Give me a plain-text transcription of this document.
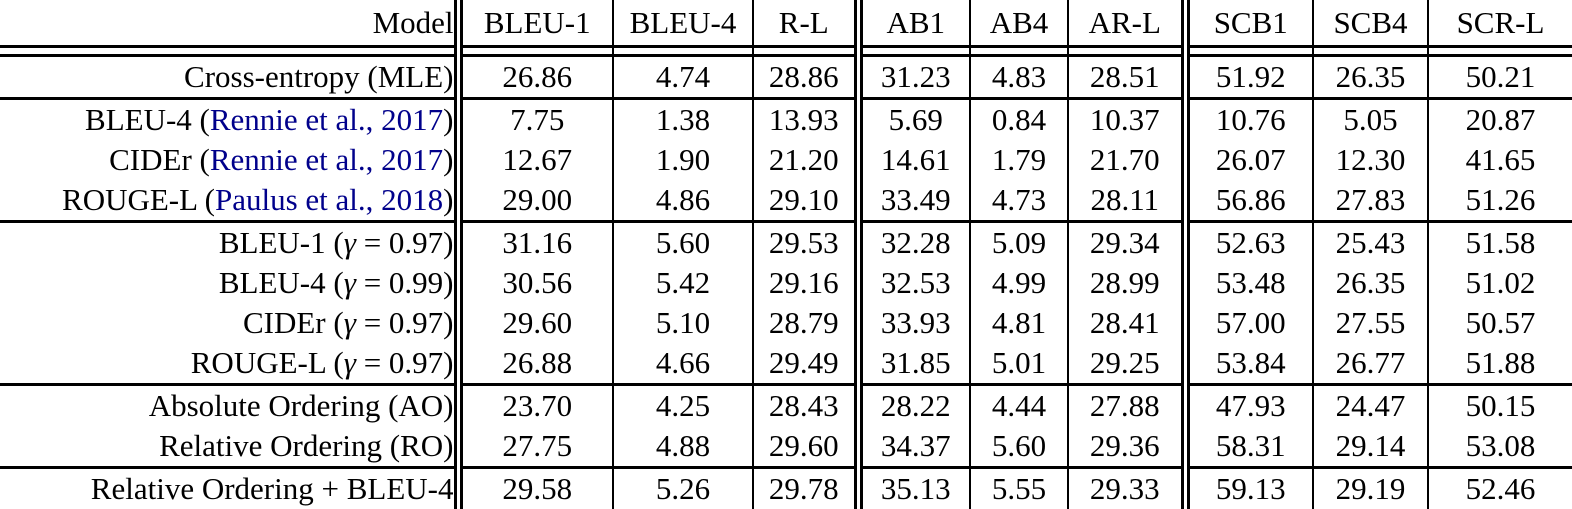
Model	BLEU-1	BLEU-4	R-L	AB1	AB4	AR-L	SCB1	SCB4	SCR-L

Cross-entropy (MLE)	26.86	4.74	28.86	31.23	4.83	28.51	51.92	26.35	50.21
BLEU-4 (Rennie et al., 2017)	7.75	1.38	13.93	5.69	0.84	10.37	10.76	5.05	20.87
CIDEr (Rennie et al., 2017)	12.67	1.90	21.20	14.61	1.79	21.70	26.07	12.30	41.65
ROUGE-L (Paulus et al., 2018)	29.00	4.86	29.10	33.49	4.73	28.11	56.86	27.83	51.26
BLEU-1 (γ = 0.97)	31.16	5.60	29.53	32.28	5.09	29.34	52.63	25.43	51.58
BLEU-4 (γ = 0.99)	30.56	5.42	29.16	32.53	4.99	28.99	53.48	26.35	51.02
CIDEr (γ = 0.97)	29.60	5.10	28.79	33.93	4.81	28.41	57.00	27.55	50.57
ROUGE-L (γ = 0.97)	26.88	4.66	29.49	31.85	5.01	29.25	53.84	26.77	51.88
Absolute Ordering (AO)	23.70	4.25	28.43	28.22	4.44	27.88	47.93	24.47	50.15
Relative Ordering (RO)	27.75	4.88	29.60	34.37	5.60	29.36	58.31	29.14	53.08
Relative Ordering + BLEU-4	29.58	5.26	29.78	35.13	5.55	29.33	59.13	29.19	52.46
